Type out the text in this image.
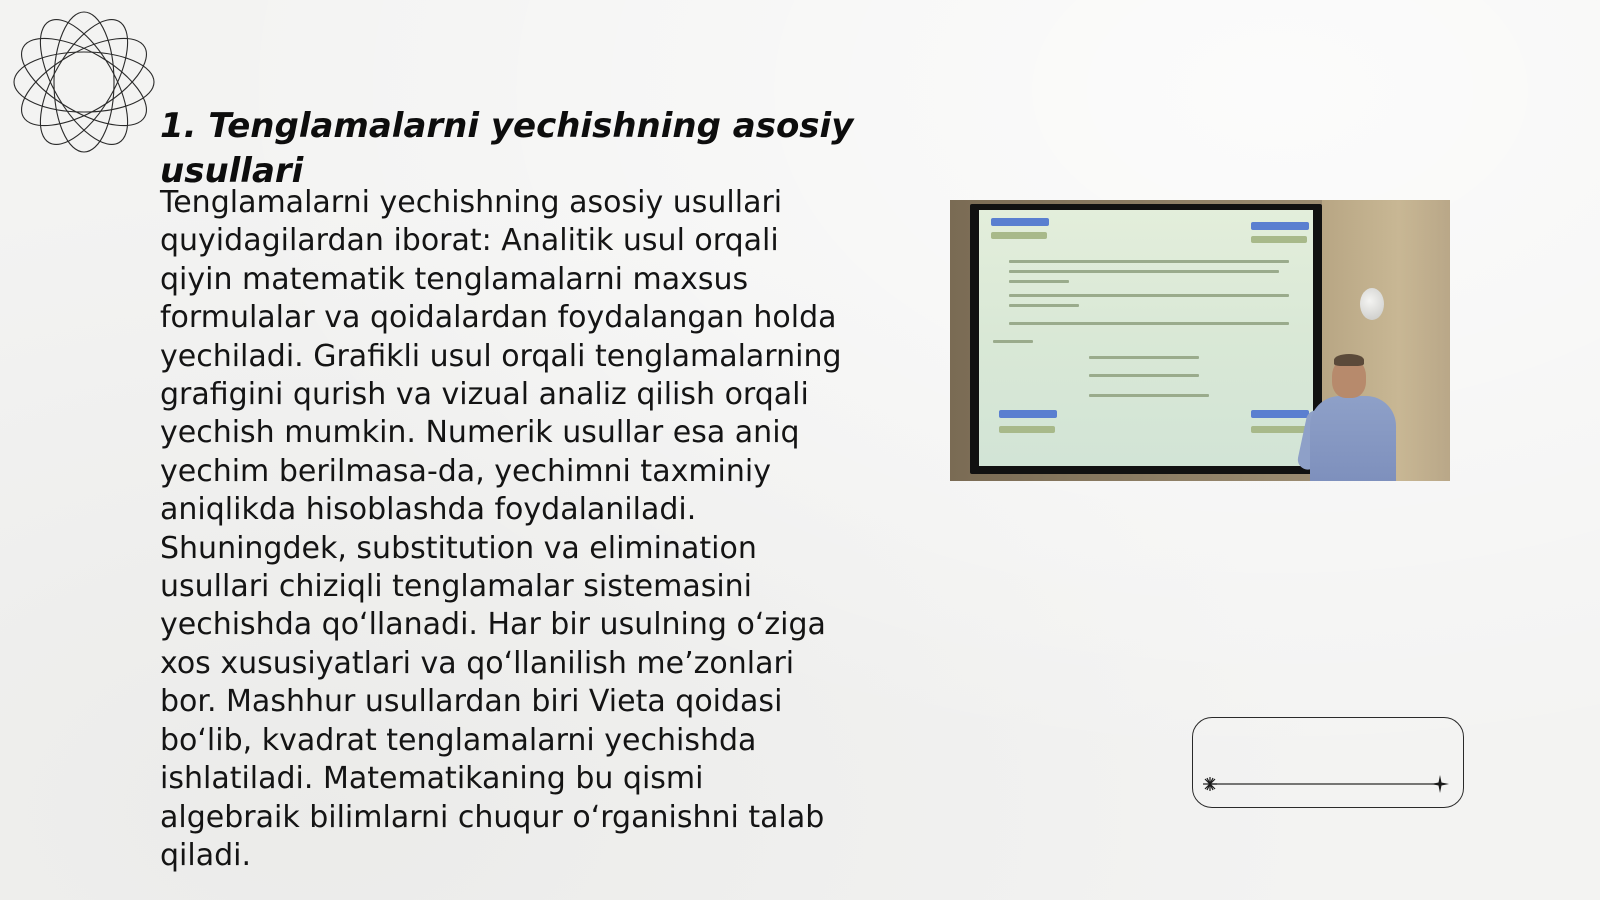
1. Tenglamalarni yechishning asosiy usullari

Tenglamalarni yechishning asosiy usullari quyidagilardan iborat: Analitik usul orqali qiyin matematik tenglamalarni maxsus formulalar va qoidalardan foydalangan holda yechiladi. Grafikli usul orqali tenglamalarning grafigini qurish va vizual analiz qilish orqali yechish mumkin. Numerik usullar esa aniq yechim berilmasa-da, yechimni taxminiy aniqlikda hisoblashda foydalaniladi. Shuningdek, substitution va elimination usullari chiziqli tenglamalar sistemasini yechishda qo‘llanadi. Har bir usulning o‘ziga xos xususiyatlari va qo‘llanilish me’zonlari bor. Mashhur usullardan biri Vieta qoidasi bo‘lib, kvadrat tenglamalarni yechishda ishlatiladi. Matematikaning bu qismi algebraik bilimlarni chuqur o‘rganishni talab qiladi.
